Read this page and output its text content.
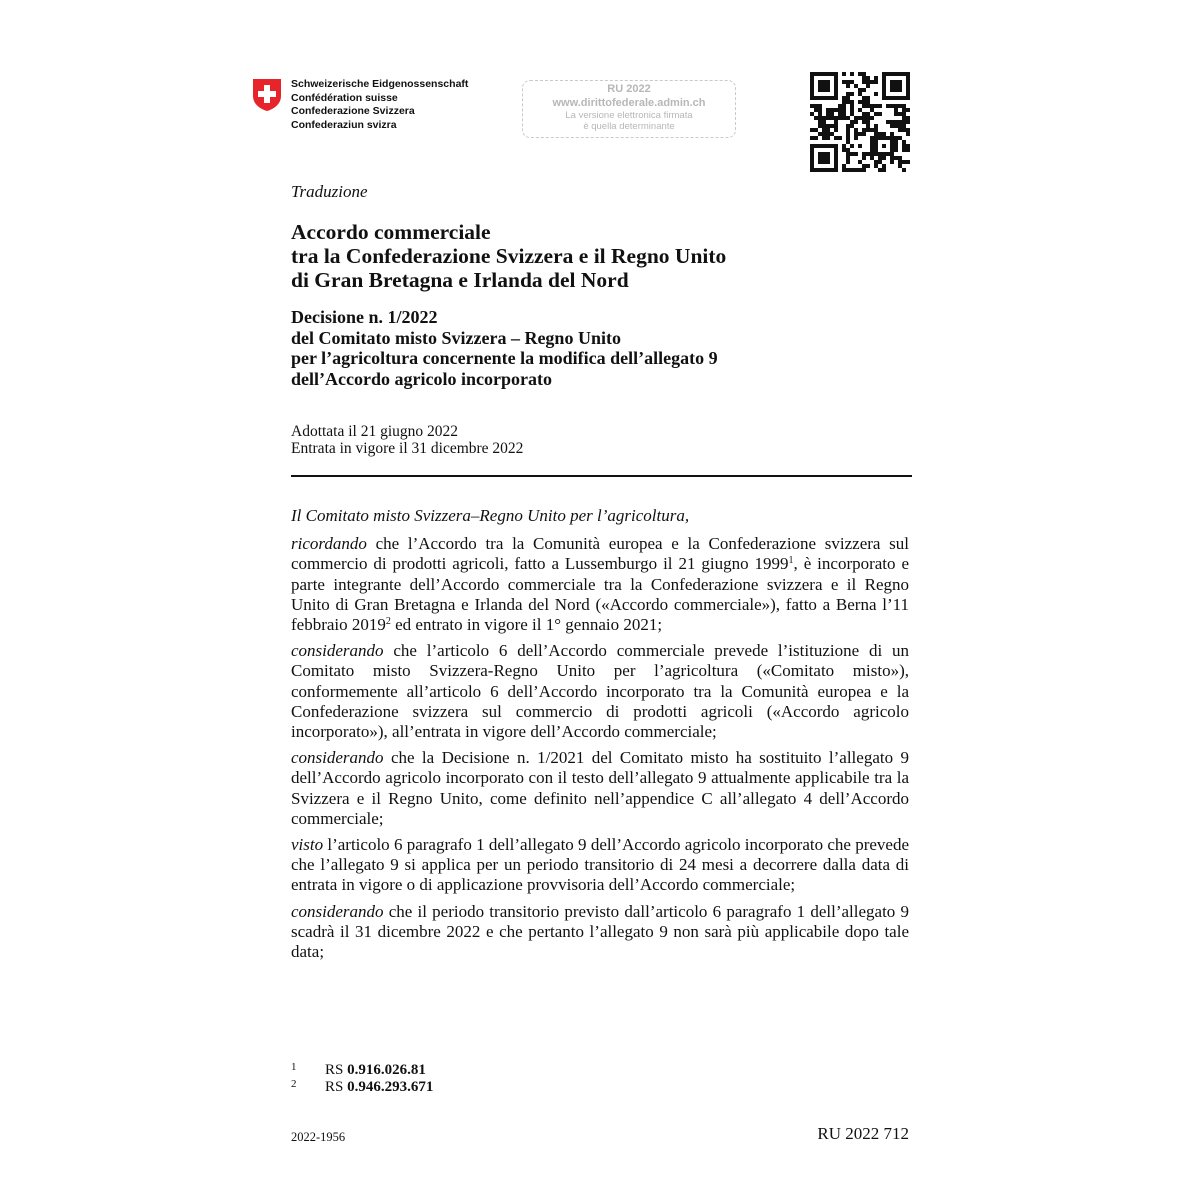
Schweizerische Eidgenossenschaft
Confédération suisse
Confederazione Svizzera
Confederaziun svizra
RU 2022
www.dirittofederale.admin.ch
La versione elettronica firmata
è quella determinante
Traduzione
Accordo commerciale
tra la Confederazione Svizzera e il Regno Unito
di Gran Bretagna e Irlanda del Nord
Decisione n. 1/2022
del Comitato misto Svizzera – Regno Unito
per l’agricoltura concernente la modifica dell’allegato 9
dell’Accordo agricolo incorporato
Adottata il 21 giugno 2022
Entrata in vigore il 31 dicembre 2022

Il Comitato misto Svizzera–Regno Unito per l’agricoltura,

ricordando che l’Accordo tra la Comunità europea e la Confederazione svizzera sul commercio di prodotti agricoli, fatto a Lussemburgo il 21 giugno 1999$^1$, è incorporato e parte integrante dell’Accordo commerciale tra la Confederazione svizzera e il Regno Unito di Gran Bretagna e Irlanda del Nord («Accordo commerciale»), fatto a Berna l’11 febbraio 2019$^2$ ed entrato in vigore il 1° gennaio 2021;

considerando che l’articolo 6 dell’Accordo commerciale prevede l’istituzione di un Comitato misto Svizzera-Regno Unito per l’agricoltura («Comitato misto»), conformemente all’articolo 6 dell’Accordo incorporato tra la Comunità europea e la Confederazione svizzera sul commercio di prodotti agricoli («Accordo agricolo incorporato»), all’entrata in vigore dell’Accordo commerciale;

considerando che la Decisione n. 1/2021 del Comitato misto ha sostituito l’allegato 9 dell’Accordo agricolo incorporato con il testo dell’allegato 9 attualmente applicabile tra la Svizzera e il Regno Unito, come definito nell’appendice C all’allegato 4 dell’Accordo commerciale;

visto l’articolo 6 paragrafo 1 dell’allegato 9 dell’Accordo agricolo incorporato che prevede che l’allegato 9 si applica per un periodo transitorio di 24 mesi a decorrere dalla data di entrata in vigore o di applicazione provvisoria dell’Accordo commerciale;

considerando che il periodo transitorio previsto dall’articolo 6 paragrafo 1 dell’allegato 9 scadrà il 31 dicembre 2022 e che pertanto l’allegato 9 non sarà più applicabile dopo tale data;

1	RS 0.916.026.81
2	RS 0.946.293.671
2022-1956	RU 2022 712
